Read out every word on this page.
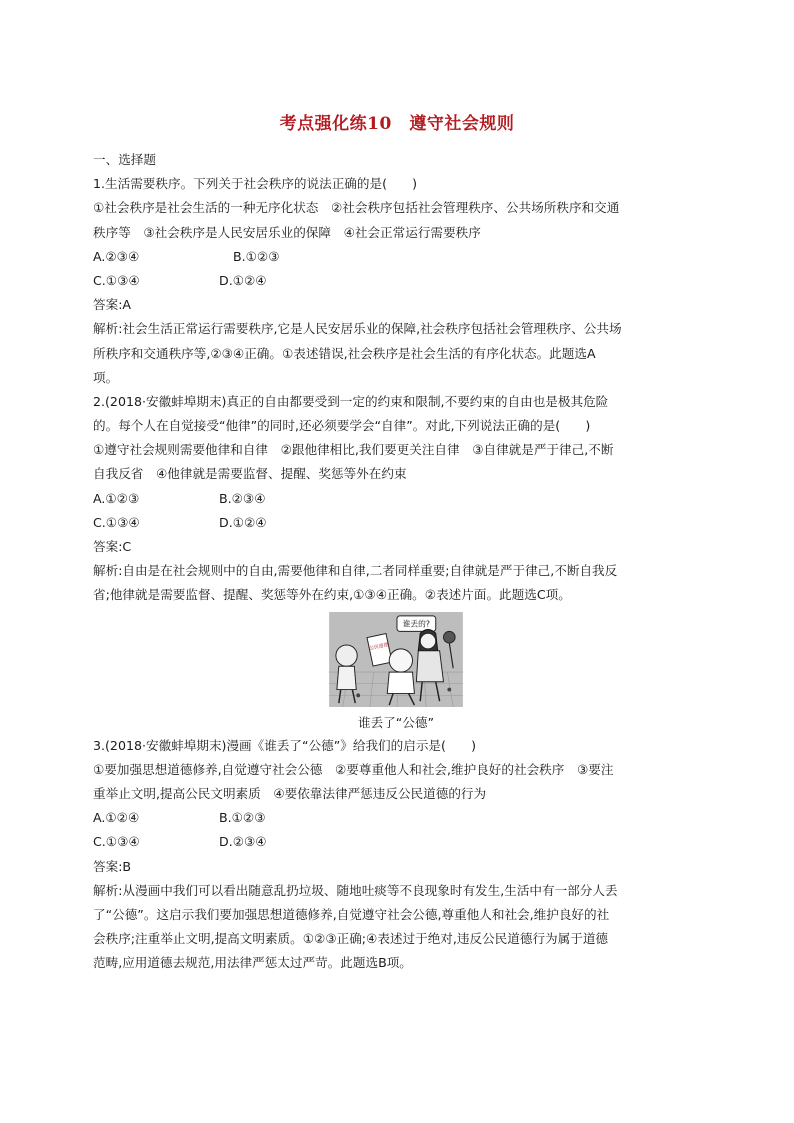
考点强化练10　遵守社会规则
一、选择题
1.生活需要秩序。下列关于社会秩序的说法正确的是(　　)
①社会秩序是社会生活的一种无序化状态　②社会秩序包括社会管理秩序、公共场所秩序和交通
秩序等　③社会秩序是人民安居乐业的保障　④社会正常运行需要秩序
A.②③④	B.①②③
C.①③④	D.①②④
答案:A
解析:社会生活正常运行需要秩序,它是人民安居乐业的保障,社会秩序包括社会管理秩序、公共场
所秩序和交通秩序等,②③④正确。①表述错误,社会秩序是社会生活的有序化状态。此题选A
项。
2.(2018·安徽蚌埠期末)真正的自由都要受到一定的约束和限制,不要约束的自由也是极其危险
的。每个人在自觉接受“他律”的同时,还必须要学会“自律”。对此,下列说法正确的是(　　)
①遵守社会规则需要他律和自律　②跟他律相比,我们要更关注自律　③自律就是严于律己,不断
自我反省　④他律就是需要监督、提醒、奖惩等外在约束
A.①②③	B.②③④
C.①③④	D.①②④
答案:C
解析:自由是在社会规则中的自由,需要他律和自律,二者同样重要;自律就是严于律己,不断自我反
省;他律就是需要监督、提醒、奖惩等外在约束,①③④正确。②表述片面。此题选C项。
谁丢的?
公民道德
谁丢了“公德”
3.(2018·安徽蚌埠期末)漫画《谁丢了“公德”》给我们的启示是(　　)
①要加强思想道德修养,自觉遵守社会公德　②要尊重他人和社会,维护良好的社会秩序　③要注
重举止文明,提高公民文明素质　④要依靠法律严惩违反公民道德的行为
A.①②④	B.①②③
C.①③④	D.②③④
答案:B
解析:从漫画中我们可以看出随意乱扔垃圾、随地吐痰等不良现象时有发生,生活中有一部分人丢
了“公德”。这启示我们要加强思想道德修养,自觉遵守社会公德,尊重他人和社会,维护良好的社
会秩序;注重举止文明,提高文明素质。①②③正确;④表述过于绝对,违反公民道德行为属于道德
范畴,应用道德去规范,用法律严惩太过严苛。此题选B项。
